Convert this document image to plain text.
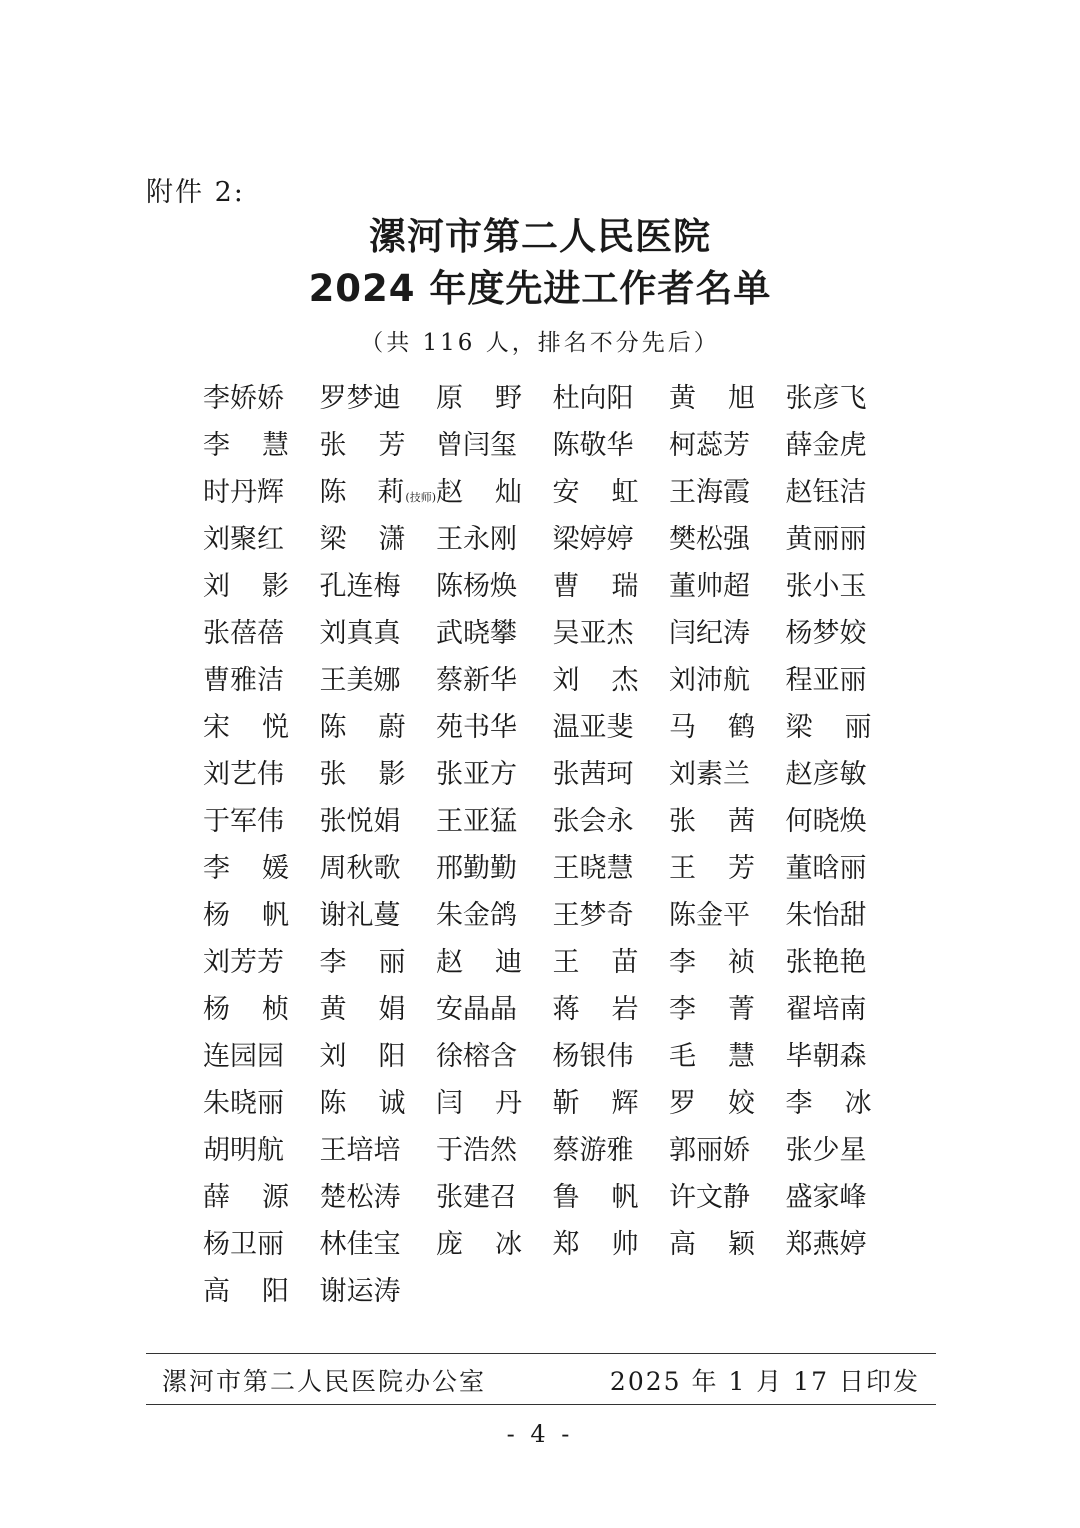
附件 2:
漯河市第二人民医院
2024 年度先进工作者名单
（共 116 人，排名不分先后）
李娇娇 罗梦迪 原野 杜向阳 黄旭 张彦飞
李慧 张芳 曾闫玺 陈敬华 柯蕊芳 薛金虎
时丹辉 陈莉 (技师) 赵灿 安虹 王海霞 赵钰洁
刘聚红 梁潇 王永刚 梁婷婷 樊松强 黄丽丽
刘影 孔连梅 陈杨焕 曹瑞 董帅超 张小玉
张蓓蓓 刘真真 武晓攀 吴亚杰 闫纪涛 杨梦姣
曹雅洁 王美娜 蔡新华 刘杰 刘沛航 程亚丽
宋悦 陈蔚 苑书华 温亚斐 马鹤 梁丽
刘艺伟 张影 张亚方 张茜珂 刘素兰 赵彦敏
于军伟 张悦娟 王亚猛 张会永 张茜 何晓焕
李媛 周秋歌 邢勤勤 王晓慧 王芳 董晗丽
杨帆 谢礼蔓 朱金鸽 王梦奇 陈金平 朱怡甜
刘芳芳 李丽 赵迪 王苗 李祯 张艳艳
杨桢 黄娟 安晶晶 蒋岩 李菁 翟培南
连园园 刘阳 徐榕含 杨银伟 毛慧 毕朝森
朱晓丽 陈诚 闫丹 靳辉 罗姣 李冰
胡明航 王培培 于浩然 蔡游雅 郭丽娇 张少星
薛源 楚松涛 张建召 鲁帆 许文静 盛家峰
杨卫丽 林佳宝 庞冰 郑帅 高颖 郑燕婷
高阳 谢运涛
漯河市第二人民医院办公室	2025 年 1 月 17 日印发
- 4 -
